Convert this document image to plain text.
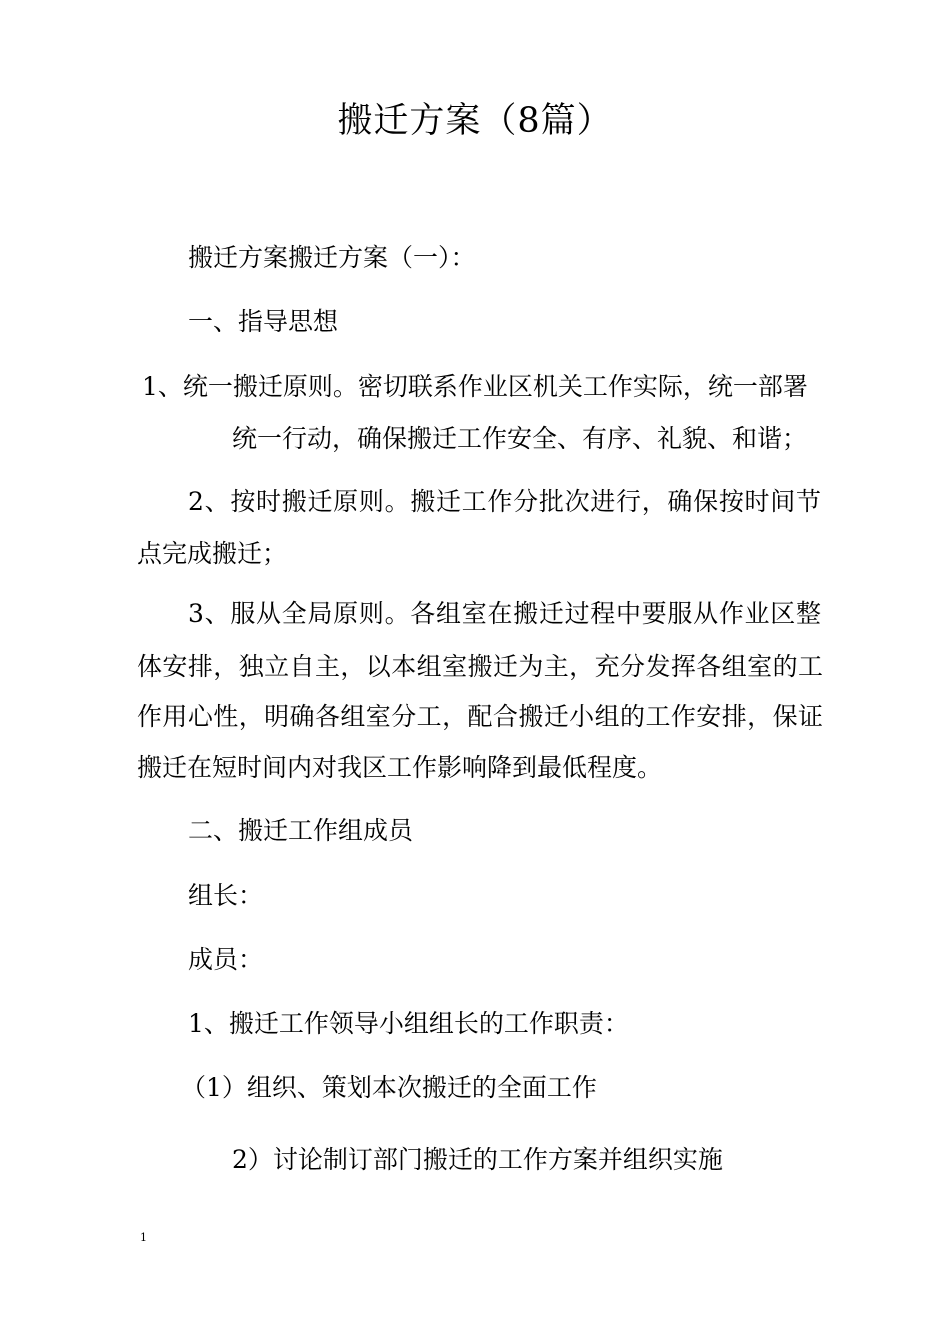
搬迁方案（8篇）
搬迁方案搬迁方案（一）：
一、指导思想
1、统一搬迁原则。密切联系作业区机关工作实际，统一部署
统一行动，确保搬迁工作安全、有序、礼貌、和谐；
2、按时搬迁原则。搬迁工作分批次进行，确保按时间节
点完成搬迁；
3、服从全局原则。各组室在搬迁过程中要服从作业区整
体安排，独立自主，以本组室搬迁为主，充分发挥各组室的工
作用心性，明确各组室分工，配合搬迁小组的工作安排，保证
搬迁在短时间内对我区工作影响降到最低程度。
二、搬迁工作组成员
组长：
成员：
1、搬迁工作领导小组组长的工作职责：
（1）组织、策划本次搬迁的全面工作
2）讨论制订部门搬迁的工作方案并组织实施
1
